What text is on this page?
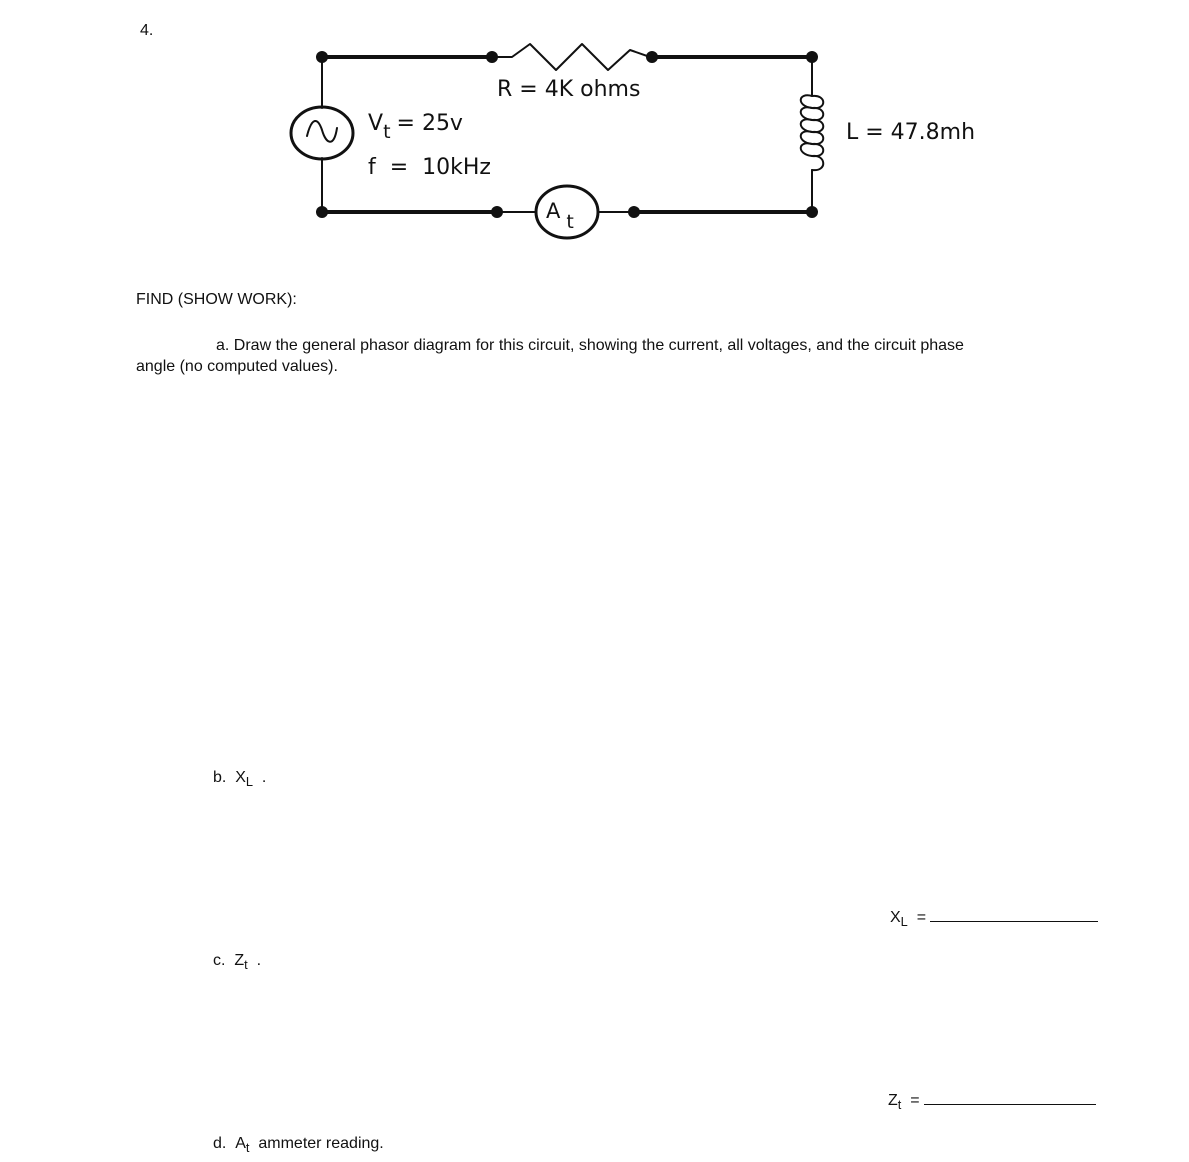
4.
R = 4K ohms
Vt = 25v
f  =  10kHz
L = 47.8mh
A t
FIND (SHOW WORK):
a. Draw the general phasor diagram for this circuit, showing the current, all voltages, and the circuit phase
angle (no computed values).
b. $X_L$ .
$X_L$ =
c. $Z_t$ .
$Z_t$ =
d. $A_t$ ammeter reading.
